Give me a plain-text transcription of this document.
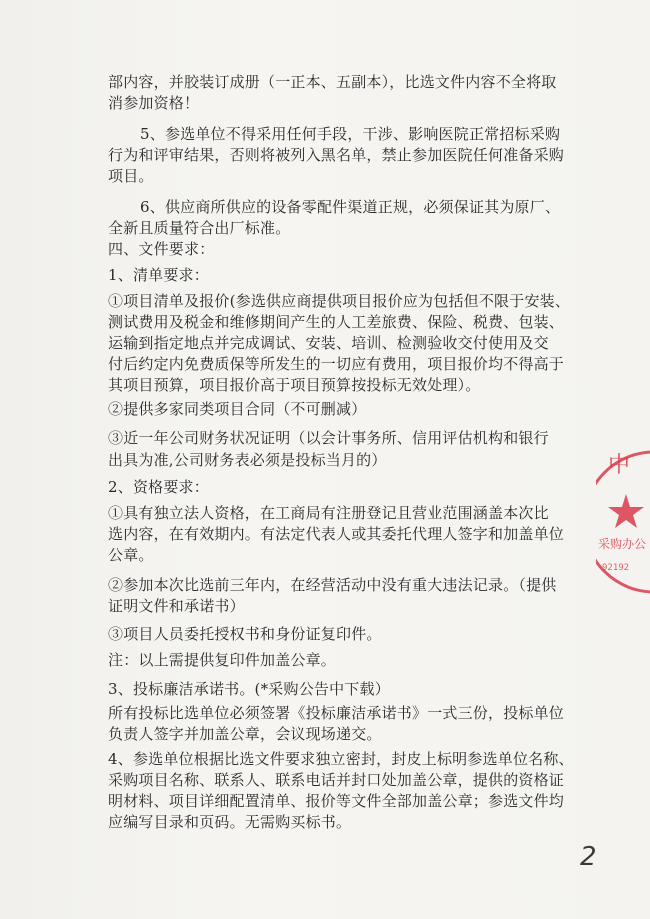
部内容，并胶装订成册（一正本、五副本），比选文件内容不全将取
消参加资格！
5、参选单位不得采用任何手段，干涉、影响医院正常招标采购
行为和评审结果，否则将被列入黑名单，禁止参加医院任何准备采购
项目。
6、供应商所供应的设备零配件渠道正规，必须保证其为原厂、
全新且质量符合出厂标准。
四、文件要求：
1、清单要求：
①项目清单及报价(参选供应商提供项目报价应为包括但不限于安装、
测试费用及税金和维修期间产生的人工差旅费、保险、税费、包装、
运输到指定地点并完成调试、安装、培训、检测验收交付使用及交
付后约定内免费质保等所发生的一切应有费用，项目报价均不得高于
其项目预算，项目报价高于项目预算按投标无效处理）。
②提供多家同类项目合同（不可删减）
③近一年公司财务状况证明（以会计事务所、信用评估机构和银行
出具为准,公司财务表必须是投标当月的）
2、资格要求：
①具有独立法人资格，在工商局有注册登记且营业范围涵盖本次比
选内容，在有效期内。有法定代表人或其委托代理人签字和加盖单位
公章。
②参加本次比选前三年内，在经营活动中没有重大违法记录。（提供
证明文件和承诺书）
③项目人员委托授权书和身份证复印件。
注：以上需提供复印件加盖公章。
3、投标廉洁承诺书。(*采购公告中下载）
所有投标比选单位必须签署《投标廉洁承诺书》一式三份，投标单位
负责人签字并加盖公章，会议现场递交。
4、参选单位根据比选文件要求独立密封，封皮上标明参选单位名称、
采购项目名称、联系人、联系电话并封口处加盖公章，提供的资格证
明材料、项目详细配置清单、报价等文件全部加盖公章；参选文件均
应编写目录和页码。无需购买标书。
中
采购办公
92192
2
